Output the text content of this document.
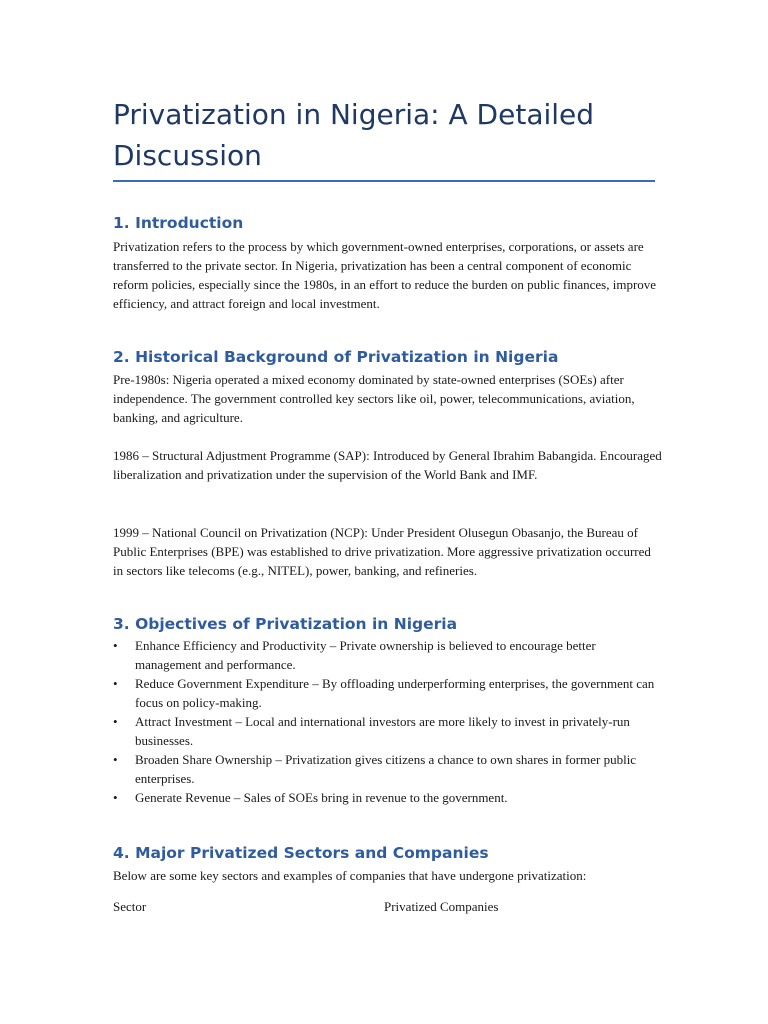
Privatization in Nigeria: A Detailed Discussion
1. Introduction

Privatization refers to the process by which government-owned enterprises, corporations, or assets are transferred to the private sector. In Nigeria, privatization has been a central component of economic reform policies, especially since the 1980s, in an effort to reduce the burden on public finances, improve efficiency, and attract foreign and local investment.

2. Historical Background of Privatization in Nigeria

Pre-1980s: Nigeria operated a mixed economy dominated by state-owned enterprises (SOEs) after independence. The government controlled key sectors like oil, power, telecommunications, aviation, banking, and agriculture.

1986 – Structural Adjustment Programme (SAP): Introduced by General Ibrahim Babangida. Encouraged liberalization and privatization under the supervision of the World Bank and IMF.

1999 – National Council on Privatization (NCP): Under President Olusegun Obasanjo, the Bureau of Public Enterprises (BPE) was established to drive privatization. More aggressive privatization occurred in sectors like telecoms (e.g., NITEL), power, banking, and refineries.

3. Objectives of Privatization in Nigeria
•	Enhance Efficiency and Productivity – Private ownership is believed to encourage better management and performance.
•	Reduce Government Expenditure – By offloading underperforming enterprises, the government can focus on policy-making.
•	Attract Investment – Local and international investors are more likely to invest in privately-run businesses.
•	Broaden Share Ownership – Privatization gives citizens a chance to own shares in former public enterprises.
•	Generate Revenue – Sales of SOEs bring in revenue to the government.
4. Major Privatized Sectors and Companies

Below are some key sectors and examples of companies that have undergone privatization:

Sector	Privatized Companies
